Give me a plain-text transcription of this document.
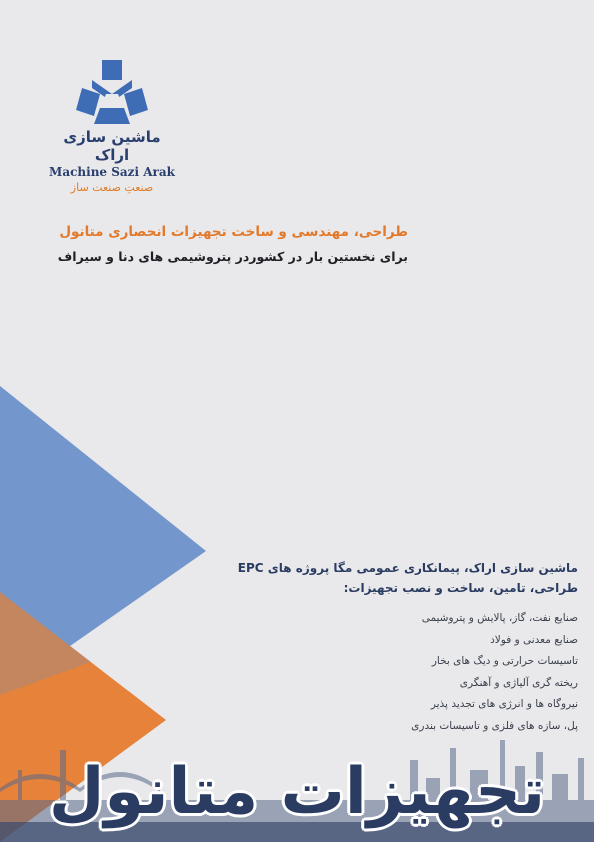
ماشین سازی اراک
Machine Sazi Arak
صنعتِ صنعت ساز
طراحی، مهندسی و ساخت تجهیزات انحصاری متانول
برای نخستین بار در کشوردر پتروشیمی های دنا و سیراف
ماشین سازی اراک، پیمانکاری عمومی مگا پروژه های EPC
طراحی، تامین، ساخت و نصب تجهیزات:
صنایع نفت، گاز، پالایش و پتروشیمی
صنایع معدنی و فولاد
تاسیسات حرارتی و دیگ های بخار
ریخته گری آلیاژی و آهنگری
نیروگاه ها و انرژی های تجدید پذیر
پل، سازه های فلزی و تاسیسات بندری
تجهیزات متانول
